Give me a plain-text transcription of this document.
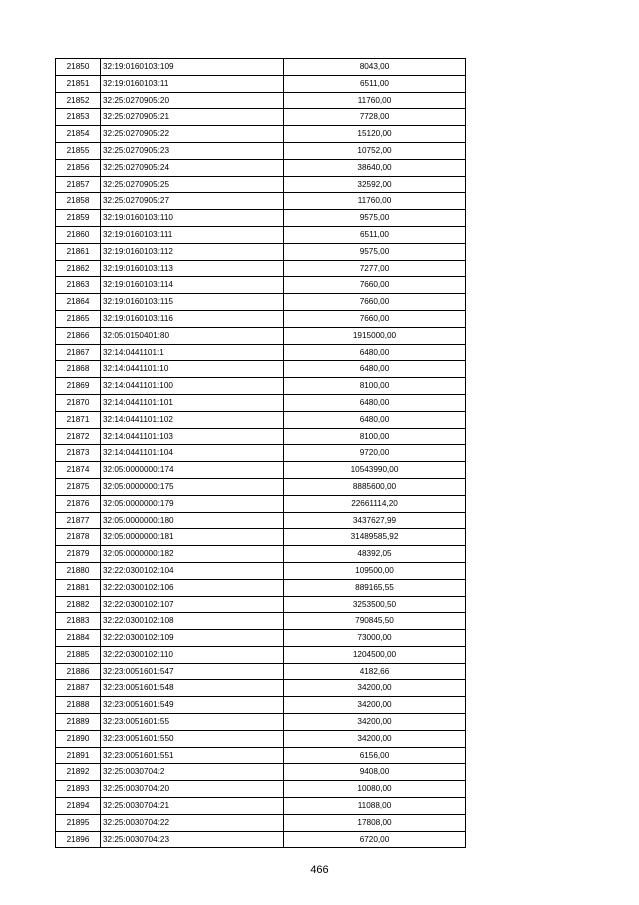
21850	32:19:0160103:109	8043,00
21851	32:19:0160103:11	6511,00
21852	32:25:0270905:20	11760,00
21853	32:25:0270905:21	7728,00
21854	32:25:0270905:22	15120,00
21855	32:25:0270905:23	10752,00
21856	32:25:0270905:24	38640,00
21857	32:25:0270905:25	32592,00
21858	32:25:0270905:27	11760,00
21859	32:19:0160103:110	9575,00
21860	32:19:0160103:111	6511,00
21861	32:19:0160103:112	9575,00
21862	32:19:0160103:113	7277,00
21863	32:19:0160103:114	7660,00
21864	32:19:0160103:115	7660,00
21865	32:19:0160103:116	7660,00
21866	32:05:0150401:80	1915000,00
21867	32:14:0441101:1	6480,00
21868	32:14:0441101:10	6480,00
21869	32:14:0441101:100	8100,00
21870	32:14:0441101:101	6480,00
21871	32:14:0441101:102	6480,00
21872	32:14:0441101:103	8100,00
21873	32:14:0441101:104	9720,00
21874	32:05:0000000:174	10543990,00
21875	32:05:0000000:175	8885600,00
21876	32:05:0000000:179	22661114,20
21877	32:05:0000000:180	3437627,99
21878	32:05:0000000:181	31489585,92
21879	32:05:0000000:182	48392,05
21880	32:22:0300102:104	109500,00
21881	32:22:0300102:106	889165,55
21882	32:22:0300102:107	3253500,50
21883	32:22:0300102:108	790845,50
21884	32:22:0300102:109	73000,00
21885	32:22:0300102:110	1204500,00
21886	32:23:0051601:547	4182,66
21887	32:23:0051601:548	34200,00
21888	32:23:0051601:549	34200,00
21889	32:23:0051601:55	34200,00
21890	32:23:0051601:550	34200,00
21891	32:23:0051601:551	6156,00
21892	32:25:0030704:2	9408,00
21893	32:25:0030704:20	10080,00
21894	32:25:0030704:21	11088,00
21895	32:25:0030704:22	17808,00
21896	32:25:0030704:23	6720,00
466
